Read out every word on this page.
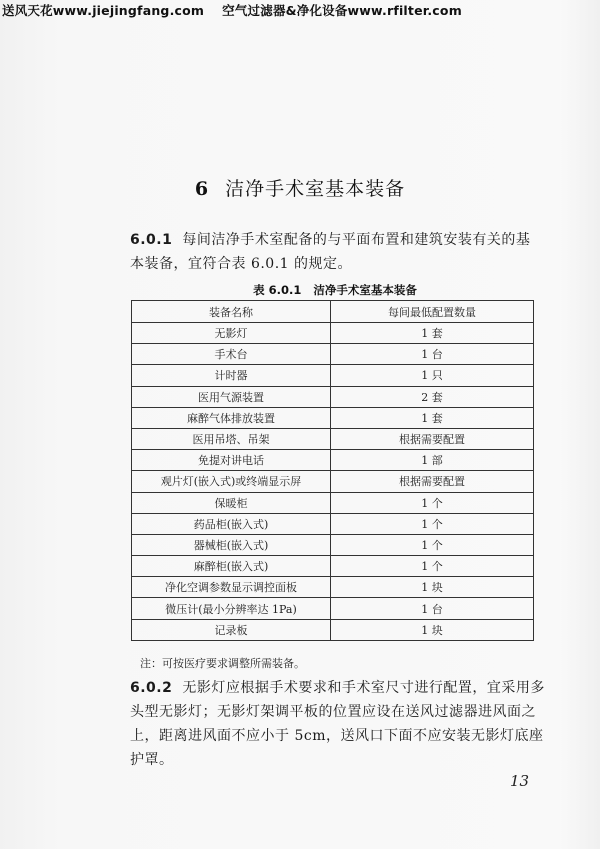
送风天花www.jiejingfang.com 空气过滤器&净化设备www.rfilter.com
6 洁净手术室基本装备
6.0.1 每间洁净手术室配备的与平面布置和建筑安装有关的基本装备，宜符合表 6.0.1 的规定。
表 6.0.1 洁净手术室基本装备
装备名称	每间最低配置数量
无影灯	1 套
手术台	1 台
计时器	1 只
医用气源装置	2 套
麻醉气体排放装置	1 套
医用吊塔、吊架	根据需要配置
免提对讲电话	1 部
观片灯(嵌入式)或终端显示屏	根据需要配置
保暖柜	1 个
药品柜(嵌入式)	1 个
器械柜(嵌入式)	1 个
麻醉柜(嵌入式)	1 个
净化空调参数显示调控面板	1 块
微压计(最小分辨率达 1Pa)	1 台
记录板	1 块
注：可按医疗要求调整所需装备。
6.0.2 无影灯应根据手术要求和手术室尺寸进行配置，宜采用多头型无影灯；无影灯架调平板的位置应设在送风过滤器进风面之上，距离进风面不应小于 5cm，送风口下面不应安装无影灯底座护罩。
13
